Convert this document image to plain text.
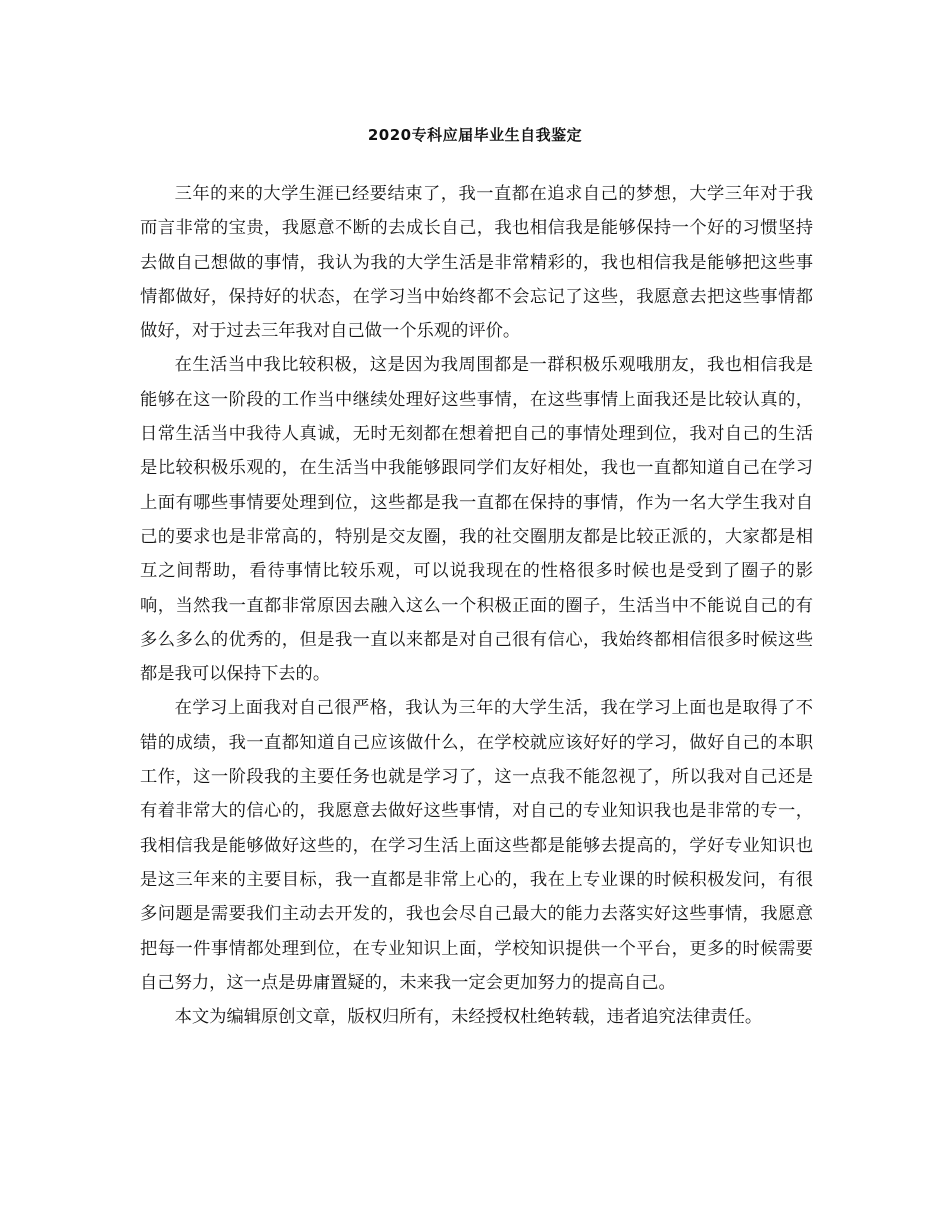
2020专科应届毕业生自我鉴定

三年的来的大学生涯已经要结束了，我一直都在追求自己的梦想，大学三年对于我而言非常的宝贵，我愿意不断的去成长自己，我也相信我是能够保持一个好的习惯坚持去做自己想做的事情，我认为我的大学生活是非常精彩的，我也相信我是能够把这些事情都做好，保持好的状态，在学习当中始终都不会忘记了这些，我愿意去把这些事情都做好，对于过去三年我对自己做一个乐观的评价。

在生活当中我比较积极，这是因为我周围都是一群积极乐观哦朋友，我也相信我是能够在这一阶段的工作当中继续处理好这些事情，在这些事情上面我还是比较认真的，日常生活当中我待人真诚，无时无刻都在想着把自己的事情处理到位，我对自己的生活是比较积极乐观的，在生活当中我能够跟同学们友好相处，我也一直都知道自己在学习上面有哪些事情要处理到位，这些都是我一直都在保持的事情，作为一名大学生我对自己的要求也是非常高的，特别是交友圈，我的社交圈朋友都是比较正派的，大家都是相互之间帮助，看待事情比较乐观，可以说我现在的性格很多时候也是受到了圈子的影响，当然我一直都非常原因去融入这么一个积极正面的圈子，生活当中不能说自己的有多么多么的优秀的，但是我一直以来都是对自己很有信心，我始终都相信很多时候这些都是我可以保持下去的。

在学习上面我对自己很严格，我认为三年的大学生活，我在学习上面也是取得了不错的成绩，我一直都知道自己应该做什么，在学校就应该好好的学习，做好自己的本职工作，这一阶段我的主要任务也就是学习了，这一点我不能忽视了，所以我对自己还是有着非常大的信心的，我愿意去做好这些事情，对自己的专业知识我也是非常的专一，我相信我是能够做好这些的，在学习生活上面这些都是能够去提高的，学好专业知识也是这三年来的主要目标，我一直都是非常上心的，我在上专业课的时候积极发问，有很多问题是需要我们主动去开发的，我也会尽自己最大的能力去落实好这些事情，我愿意把每一件事情都处理到位，在专业知识上面，学校知识提供一个平台，更多的时候需要自己努力，这一点是毋庸置疑的，未来我一定会更加努力的提高自己。

本文为编辑原创文章，版权归所有，未经授权杜绝转载，违者追究法律责任。
